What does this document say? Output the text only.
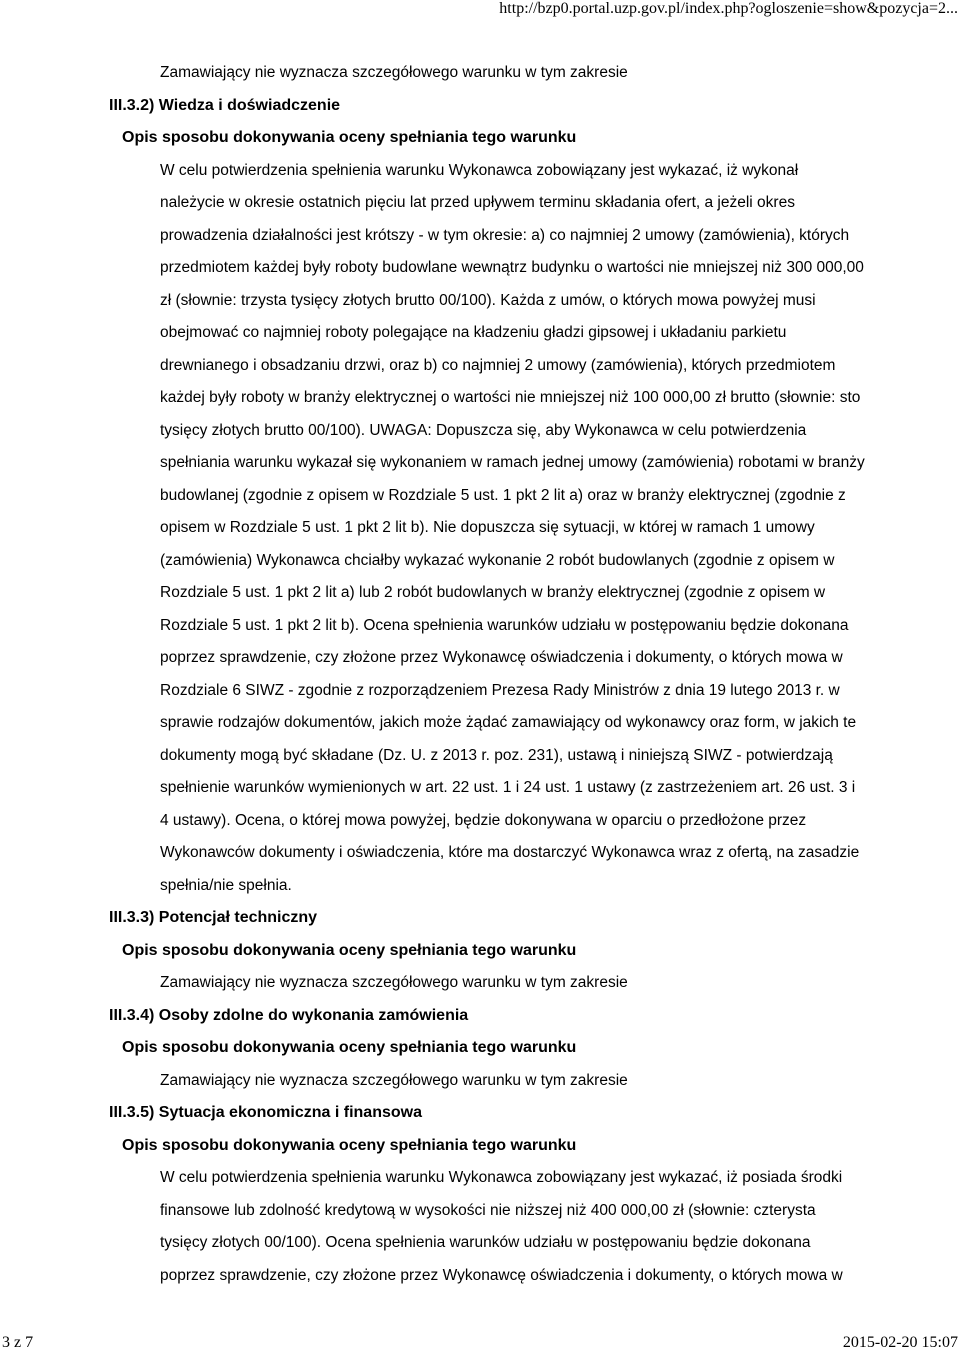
http://bzp0.portal.uzp.gov.pl/index.php?ogloszenie=show&pozycja=2...
Zamawiający nie wyznacza szczegółowego warunku w tym zakresie
III.3.2) Wiedza i doświadczenie
Opis sposobu dokonywania oceny spełniania tego warunku
W celu potwierdzenia spełnienia warunku Wykonawca zobowiązany jest wykazać, iż wykonał
należycie w okresie ostatnich pięciu lat przed upływem terminu składania ofert, a jeżeli okres
prowadzenia działalności jest krótszy - w tym okresie: a) co najmniej 2 umowy (zamówienia), których
przedmiotem każdej były roboty budowlane wewnątrz budynku o wartości nie mniejszej niż 300 000,00
zł (słownie: trzysta tysięcy złotych brutto 00/100). Każda z umów, o których mowa powyżej musi
obejmować co najmniej roboty polegające na kładzeniu gładzi gipsowej i układaniu parkietu
drewnianego i obsadzaniu drzwi, oraz b) co najmniej 2 umowy (zamówienia), których przedmiotem
każdej były roboty w branży elektrycznej o wartości nie mniejszej niż 100 000,00 zł brutto (słownie: sto
tysięcy złotych brutto 00/100). UWAGA: Dopuszcza się, aby Wykonawca w celu potwierdzenia
spełniania warunku wykazał się wykonaniem w ramach jednej umowy (zamówienia) robotami w branży
budowlanej (zgodnie z opisem w Rozdziale 5 ust. 1 pkt 2 lit a) oraz w branży elektrycznej (zgodnie z
opisem w Rozdziale 5 ust. 1 pkt 2 lit b). Nie dopuszcza się sytuacji, w której w ramach 1 umowy
(zamówienia) Wykonawca chciałby wykazać wykonanie 2 robót budowlanych (zgodnie z opisem w
Rozdziale 5 ust. 1 pkt 2 lit a) lub 2 robót budowlanych w branży elektrycznej (zgodnie z opisem w
Rozdziale 5 ust. 1 pkt 2 lit b). Ocena spełnienia warunków udziału w postępowaniu będzie dokonana
poprzez sprawdzenie, czy złożone przez Wykonawcę oświadczenia i dokumenty, o których mowa w
Rozdziale 6 SIWZ - zgodnie z rozporządzeniem Prezesa Rady Ministrów z dnia 19 lutego 2013 r. w
sprawie rodzajów dokumentów, jakich może żądać zamawiający od wykonawcy oraz form, w jakich te
dokumenty mogą być składane (Dz. U. z 2013 r. poz. 231), ustawą i niniejszą SIWZ - potwierdzają
spełnienie warunków wymienionych w art. 22 ust. 1 i 24 ust. 1 ustawy (z zastrzeżeniem art. 26 ust. 3 i
4 ustawy). Ocena, o której mowa powyżej, będzie dokonywana w oparciu o przedłożone przez
Wykonawców dokumenty i oświadczenia, które ma dostarczyć Wykonawca wraz z ofertą, na zasadzie
spełnia/nie spełnia.
III.3.3) Potencjał techniczny
Opis sposobu dokonywania oceny spełniania tego warunku
Zamawiający nie wyznacza szczegółowego warunku w tym zakresie
III.3.4) Osoby zdolne do wykonania zamówienia
Opis sposobu dokonywania oceny spełniania tego warunku
Zamawiający nie wyznacza szczegółowego warunku w tym zakresie
III.3.5) Sytuacja ekonomiczna i finansowa
Opis sposobu dokonywania oceny spełniania tego warunku
W celu potwierdzenia spełnienia warunku Wykonawca zobowiązany jest wykazać, iż posiada środki
finansowe lub zdolność kredytową w wysokości nie niższej niż 400 000,00 zł (słownie: czterysta
tysięcy złotych 00/100). Ocena spełnienia warunków udziału w postępowaniu będzie dokonana
poprzez sprawdzenie, czy złożone przez Wykonawcę oświadczenia i dokumenty, o których mowa w
3 z 7	2015-02-20 15:07
